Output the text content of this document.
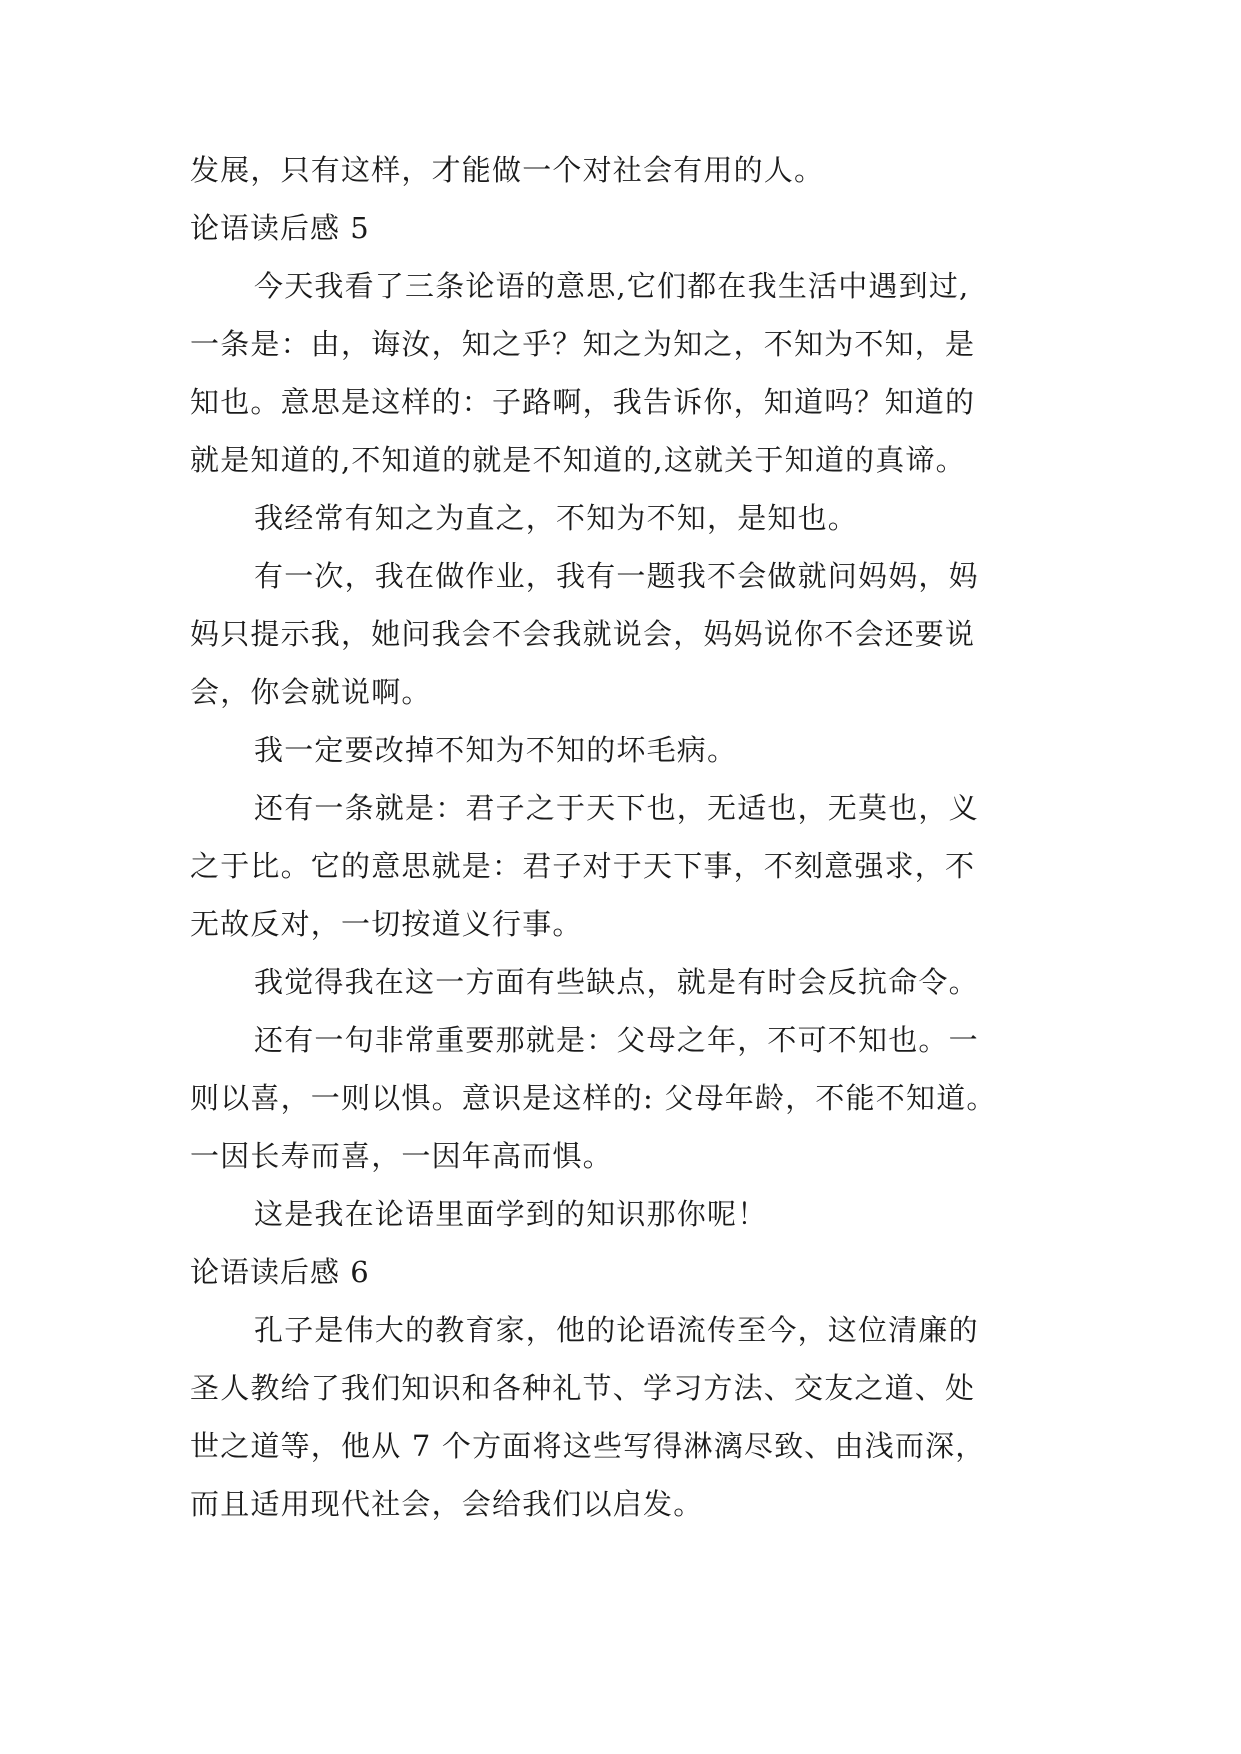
发展，只有这样，才能做一个对社会有用的人。
论语读后感 5
今天我看了三条论语的意思,它们都在我生活中遇到过,
一条是：由，诲汝，知之乎？知之为知之，不知为不知，是
知也。意思是这样的：子路啊，我告诉你，知道吗？知道的
就是知道的,不知道的就是不知道的,这就关于知道的真谛。
我经常有知之为直之，不知为不知，是知也。
有一次，我在做作业，我有一题我不会做就问妈妈，妈
妈只提示我，她问我会不会我就说会，妈妈说你不会还要说
会，你会就说啊。
我一定要改掉不知为不知的坏毛病。
还有一条就是：君子之于天下也，无适也，无莫也，义
之于比。它的意思就是：君子对于天下事，不刻意强求，不
无故反对，一切按道义行事。
我觉得我在这一方面有些缺点，就是有时会反抗命令。
还有一句非常重要那就是：父母之年，不可不知也。一
则以喜，一则以惧。意识是这样的: 父母年龄，不能不知道。
一因长寿而喜，一因年高而惧。
这是我在论语里面学到的知识那你呢！
论语读后感 6
孔子是伟大的教育家，他的论语流传至今，这位清廉的
圣人教给了我们知识和各种礼节、学习方法、交友之道、处
世之道等，他从 7 个方面将这些写得淋漓尽致、由浅而深，
而且适用现代社会，会给我们以启发。
